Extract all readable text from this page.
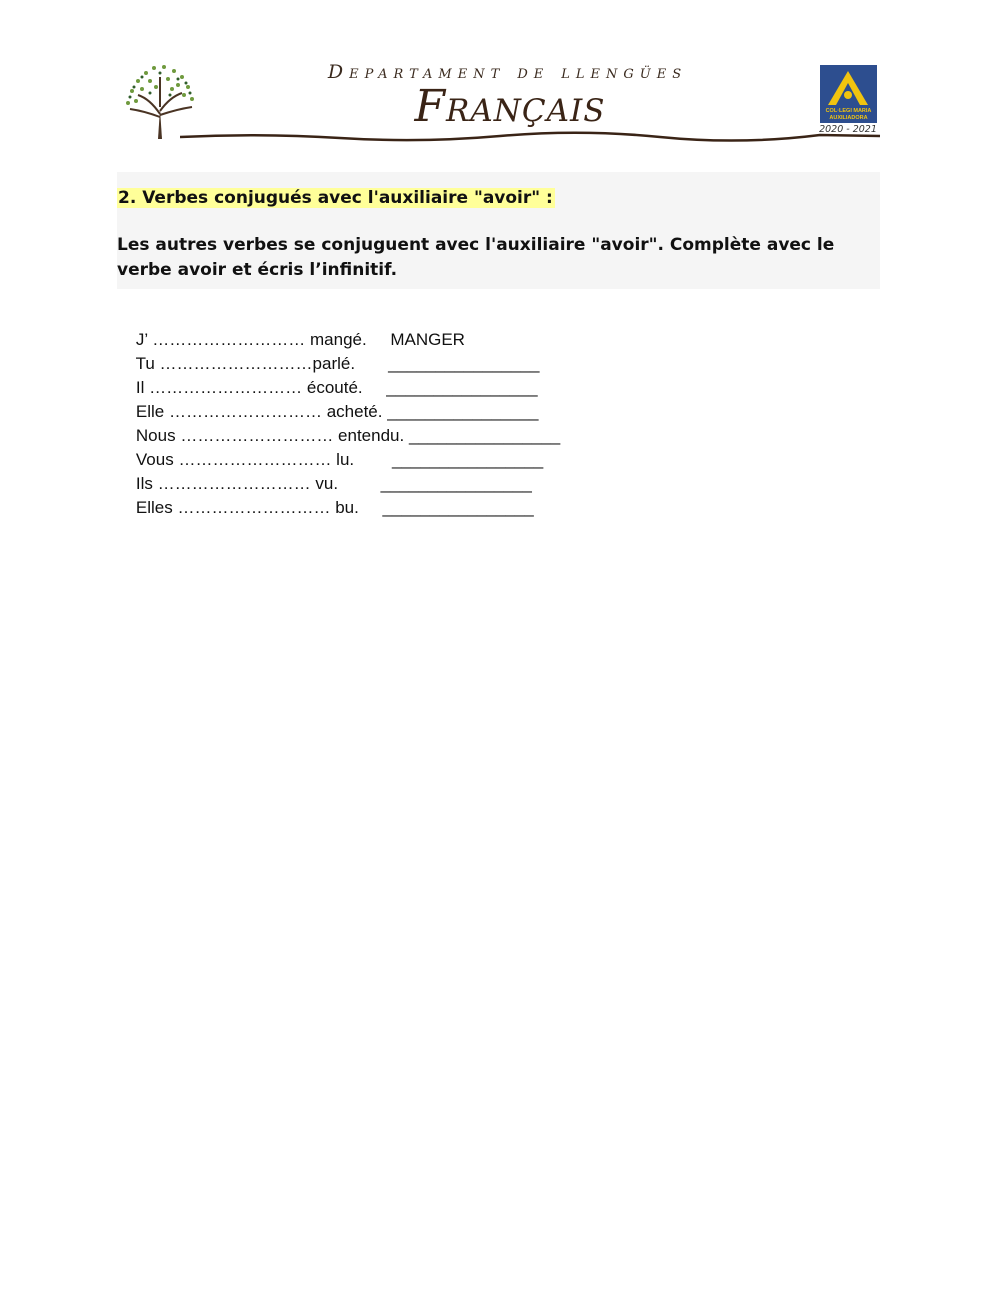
Departament de llengües
Français	COL·LEGI MARIA
AUXILIADORA
2020 - 2021
2. Verbes conjugués avec l'auxiliaire "avoir" :
Les autres verbes se conjuguent avec l'auxiliaire "avoir". Complète avec le verbe avoir et écris l’infinitif.

J’ ……………………… mangé. MANGER

Tu ………………………parlé. ________________

Il ……………………… écouté. ________________

Elle ……………………… acheté. ________________

Nous ……………………… entendu. ________________

Vous ……………………… lu. ________________

Ils ……………………… vu.	________________

Elles ……………………… bu. ________________
